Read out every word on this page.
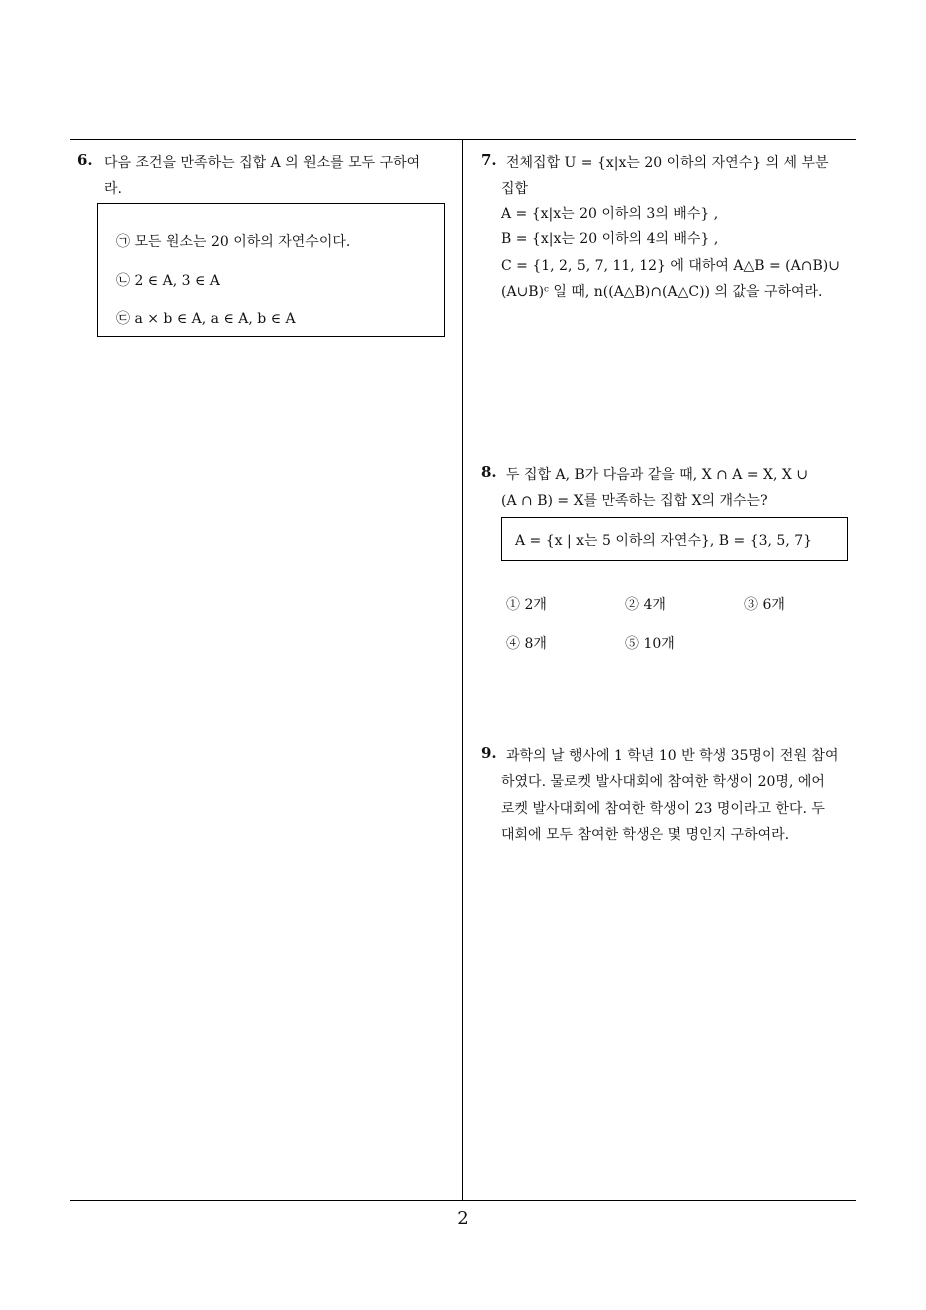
6. 다음 조건을 만족하는 집합 A 의 원소를 모두 구하여
라.
㉠ 모든 원소는 20 이하의 자연수이다.
㉡ 2 ∈ A, 3 ∈ A
㉢ a × b ∈ A, a ∈ A, b ∈ A
7. 전체집합 U = {x|x는 20 이하의 자연수} 의 세 부분
집합
A = {x|x는 20 이하의 3의 배수} ,
B = {x|x는 20 이하의 4의 배수} ,
C = {1, 2, 5, 7, 11, 12} 에 대하여 A△B = (A∩B)∪
(A∪B)ᶜ 일 때, n((A△B)∩(A△C)) 의 값을 구하여라.
8. 두 집합 A, B가 다음과 같을 때, X ∩ A = X, X ∪
(A ∩ B) = X를 만족하는 집합 X의 개수는?
A = {x | x는 5 이하의 자연수}, B = {3, 5, 7}
① 2개	② 4개	③ 6개
④ 8개	⑤ 10개
9. 과학의 날 행사에 1 학년 10 반 학생 35명이 전원 참여
하였다. 물로켓 발사대회에 참여한 학생이 20명, 에어
로켓 발사대회에 참여한 학생이 23 명이라고 한다. 두
대회에 모두 참여한 학생은 몇 명인지 구하여라.
2
